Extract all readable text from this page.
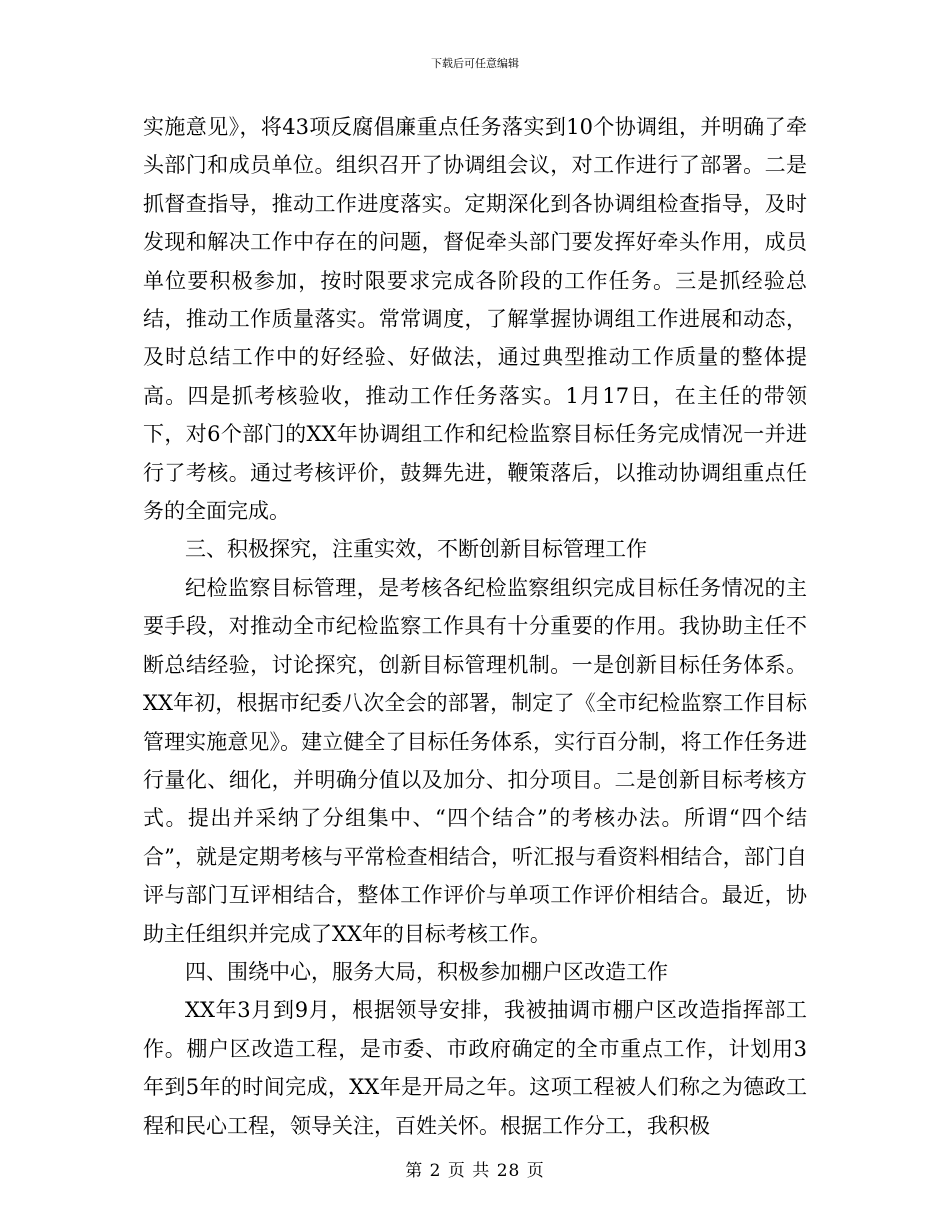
下载后可任意编辑

实施意见》，将43项反腐倡廉重点任务落实到10个协调组，并明确了牵头部门和成员单位。组织召开了协调组会议，对工作进行了部署。二是抓督查指导，推动工作进度落实。定期深化到各协调组检查指导，及时发现和解决工作中存在的问题，督促牵头部门要发挥好牵头作用，成员单位要积极参加，按时限要求完成各阶段的工作任务。三是抓经验总结，推动工作质量落实。常常调度，了解掌握协调组工作进展和动态，及时总结工作中的好经验、好做法，通过典型推动工作质量的整体提高。四是抓考核验收，推动工作任务落实。1月17日，在主任的带领下，对6个部门的XX年协调组工作和纪检监察目标任务完成情况一并进行了考核。通过考核评价，鼓舞先进，鞭策落后，以推动协调组重点任务的全面完成。

三、积极探究，注重实效，不断创新目标管理工作

纪检监察目标管理，是考核各纪检监察组织完成目标任务情况的主要手段，对推动全市纪检监察工作具有十分重要的作用。我协助主任不断总结经验，讨论探究，创新目标管理机制。一是创新目标任务体系。XX年初，根据市纪委八次全会的部署，制定了《全市纪检监察工作目标管理实施意见》。建立健全了目标任务体系，实行百分制，将工作任务进行量化、细化，并明确分值以及加分、扣分项目。二是创新目标考核方式。提出并采纳了分组集中、“四个结合”的考核办法。所谓“四个结合”，就是定期考核与平常检查相结合，听汇报与看资料相结合，部门自评与部门互评相结合，整体工作评价与单项工作评价相结合。最近，协助主任组织并完成了XX年的目标考核工作。

四、围绕中心，服务大局，积极参加棚户区改造工作

XX年3月到9月，根据领导安排，我被抽调市棚户区改造指挥部工作。棚户区改造工程，是市委、市政府确定的全市重点工作，计划用3年到5年的时间完成，XX年是开局之年。这项工程被人们称之为德政工程和民心工程，领导关注，百姓关怀。根据工作分工，我积极

第 2 页 共 28 页
